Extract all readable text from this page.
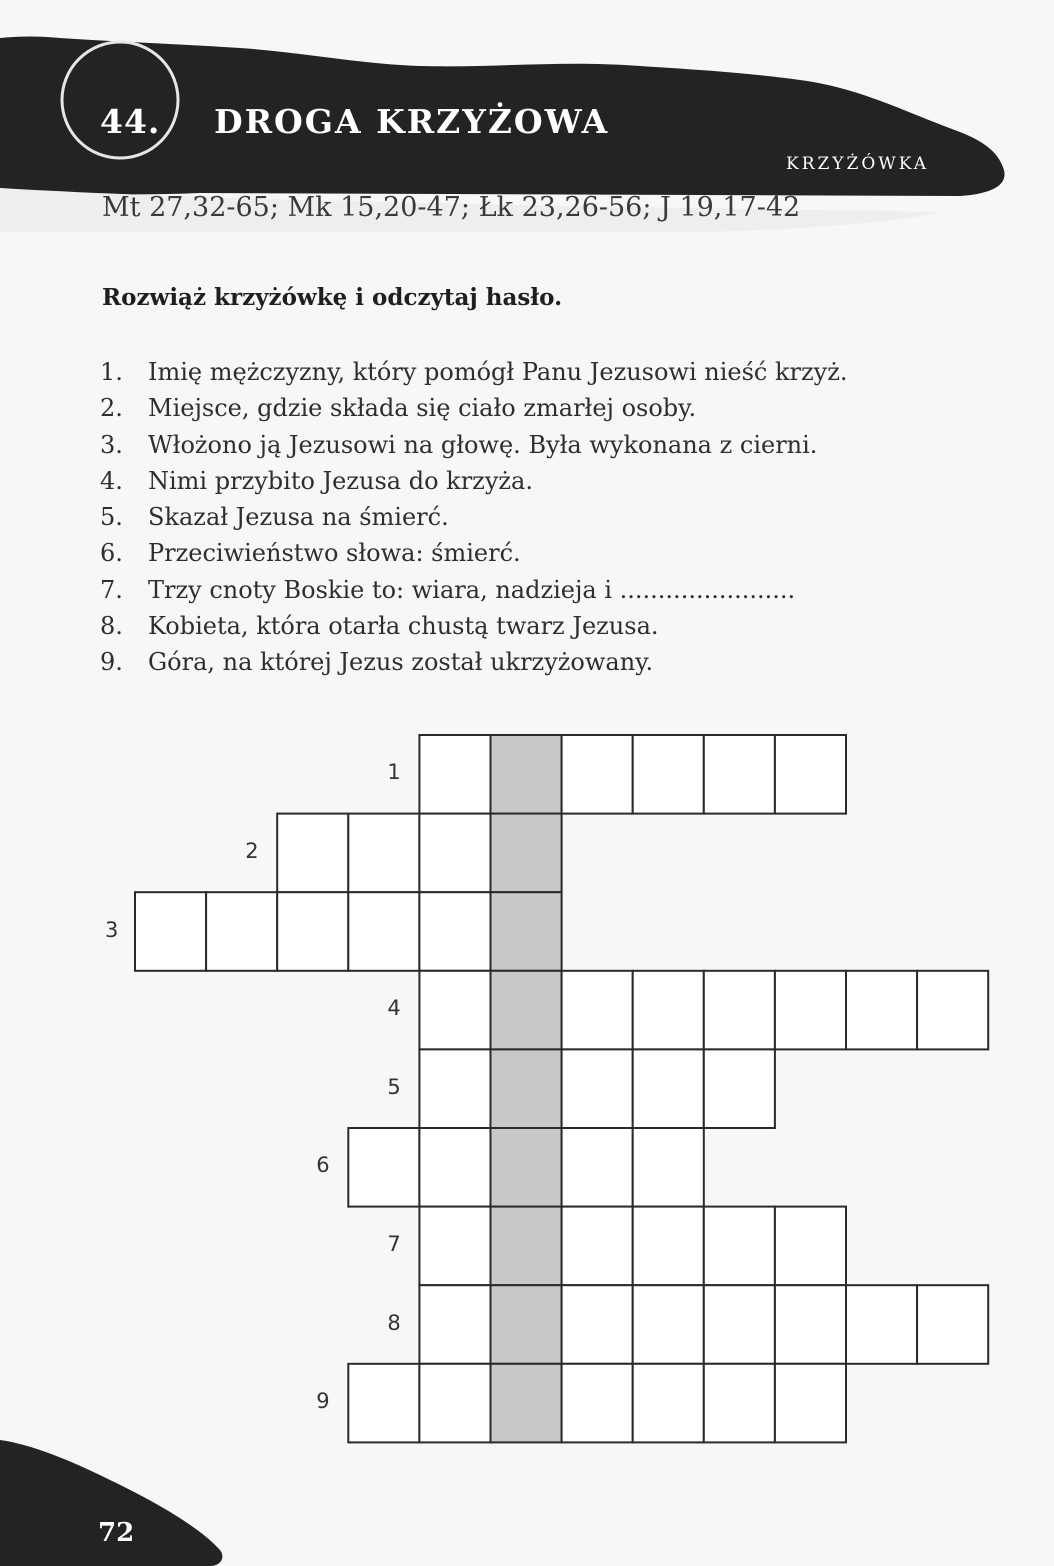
44. DROGA KRZYŻOWA
KRZYŻÓWKA
Mt 27,32-65; Mk 15,20-47; Łk 23,26-56; J 19,17-42
Rozwiąż krzyżówkę i odczytaj hasło.
1. Imię mężczyzny, który pomógł Panu Jezusowi nieść krzyż.
2. Miejsce, gdzie składa się ciało zmarłej osoby.
3. Włożono ją Jezusowi na głowę. Była wykonana z cierni.
4. Nimi przybito Jezusa do krzyża.
5. Skazał Jezusa na śmierć.
6. Przeciwieństwo słowa: śmierć.
7. Trzy cnoty Boskie to: wiara, nadzieja i .......................
8. Kobieta, która otarła chustą twarz Jezusa.
9. Góra, na której Jezus został ukrzyżowany.
1
2
3
4
5
6
7
8
9
72
